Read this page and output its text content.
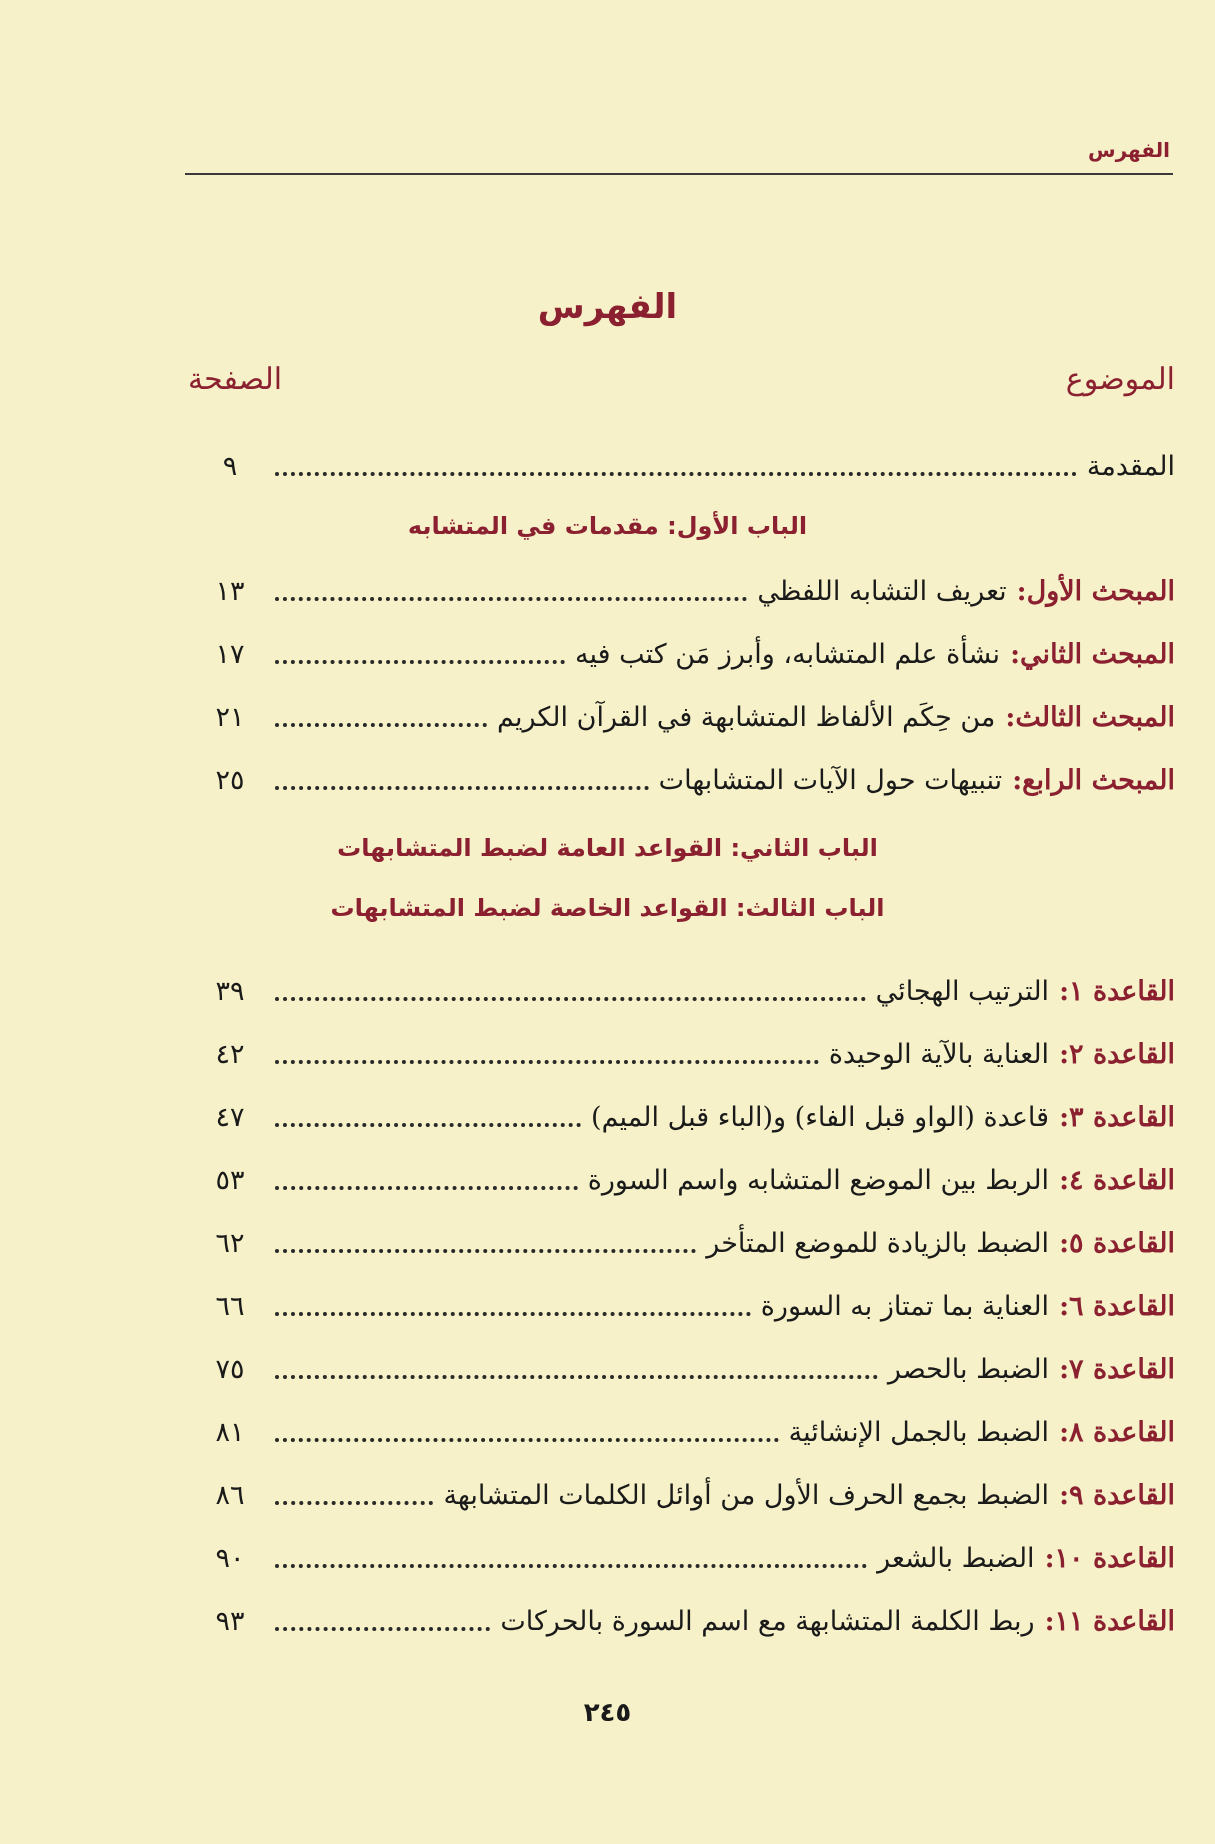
الفهرس
الفهرس
الموضوع
الصفحة
المقدمة
٩
الباب الأول: مقدمات في المتشابه
المبحث الأول:
تعريف التشابه اللفظي
١٣
المبحث الثاني:
نشأة علم المتشابه، وأبرز مَن كتب فيه
١٧
المبحث الثالث:
من حِكَم الألفاظ المتشابهة في القرآن الكريم
٢١
المبحث الرابع:
تنبيهات حول الآيات المتشابهات
٢٥
الباب الثاني: القواعد العامة لضبط المتشابهات
الباب الثالث: القواعد الخاصة لضبط المتشابهات
القاعدة ١:
الترتيب الهجائي
٣٩
القاعدة ٢:
العناية بالآية الوحيدة
٤٢
القاعدة ٣:
قاعدة (الواو قبل الفاء) و(الباء قبل الميم)
٤٧
القاعدة ٤:
الربط بين الموضع المتشابه واسم السورة
٥٣
القاعدة ٥:
الضبط بالزيادة للموضع المتأخر
٦٢
القاعدة ٦:
العناية بما تمتاز به السورة
٦٦
القاعدة ٧:
الضبط بالحصر
٧٥
القاعدة ٨:
الضبط بالجمل الإنشائية
٨١
القاعدة ٩:
الضبط بجمع الحرف الأول من أوائل الكلمات المتشابهة
٨٦
القاعدة ١٠:
الضبط بالشعر
٩٠
القاعدة ١١:
ربط الكلمة المتشابهة مع اسم السورة بالحركات
٩٣
٢٤٥
